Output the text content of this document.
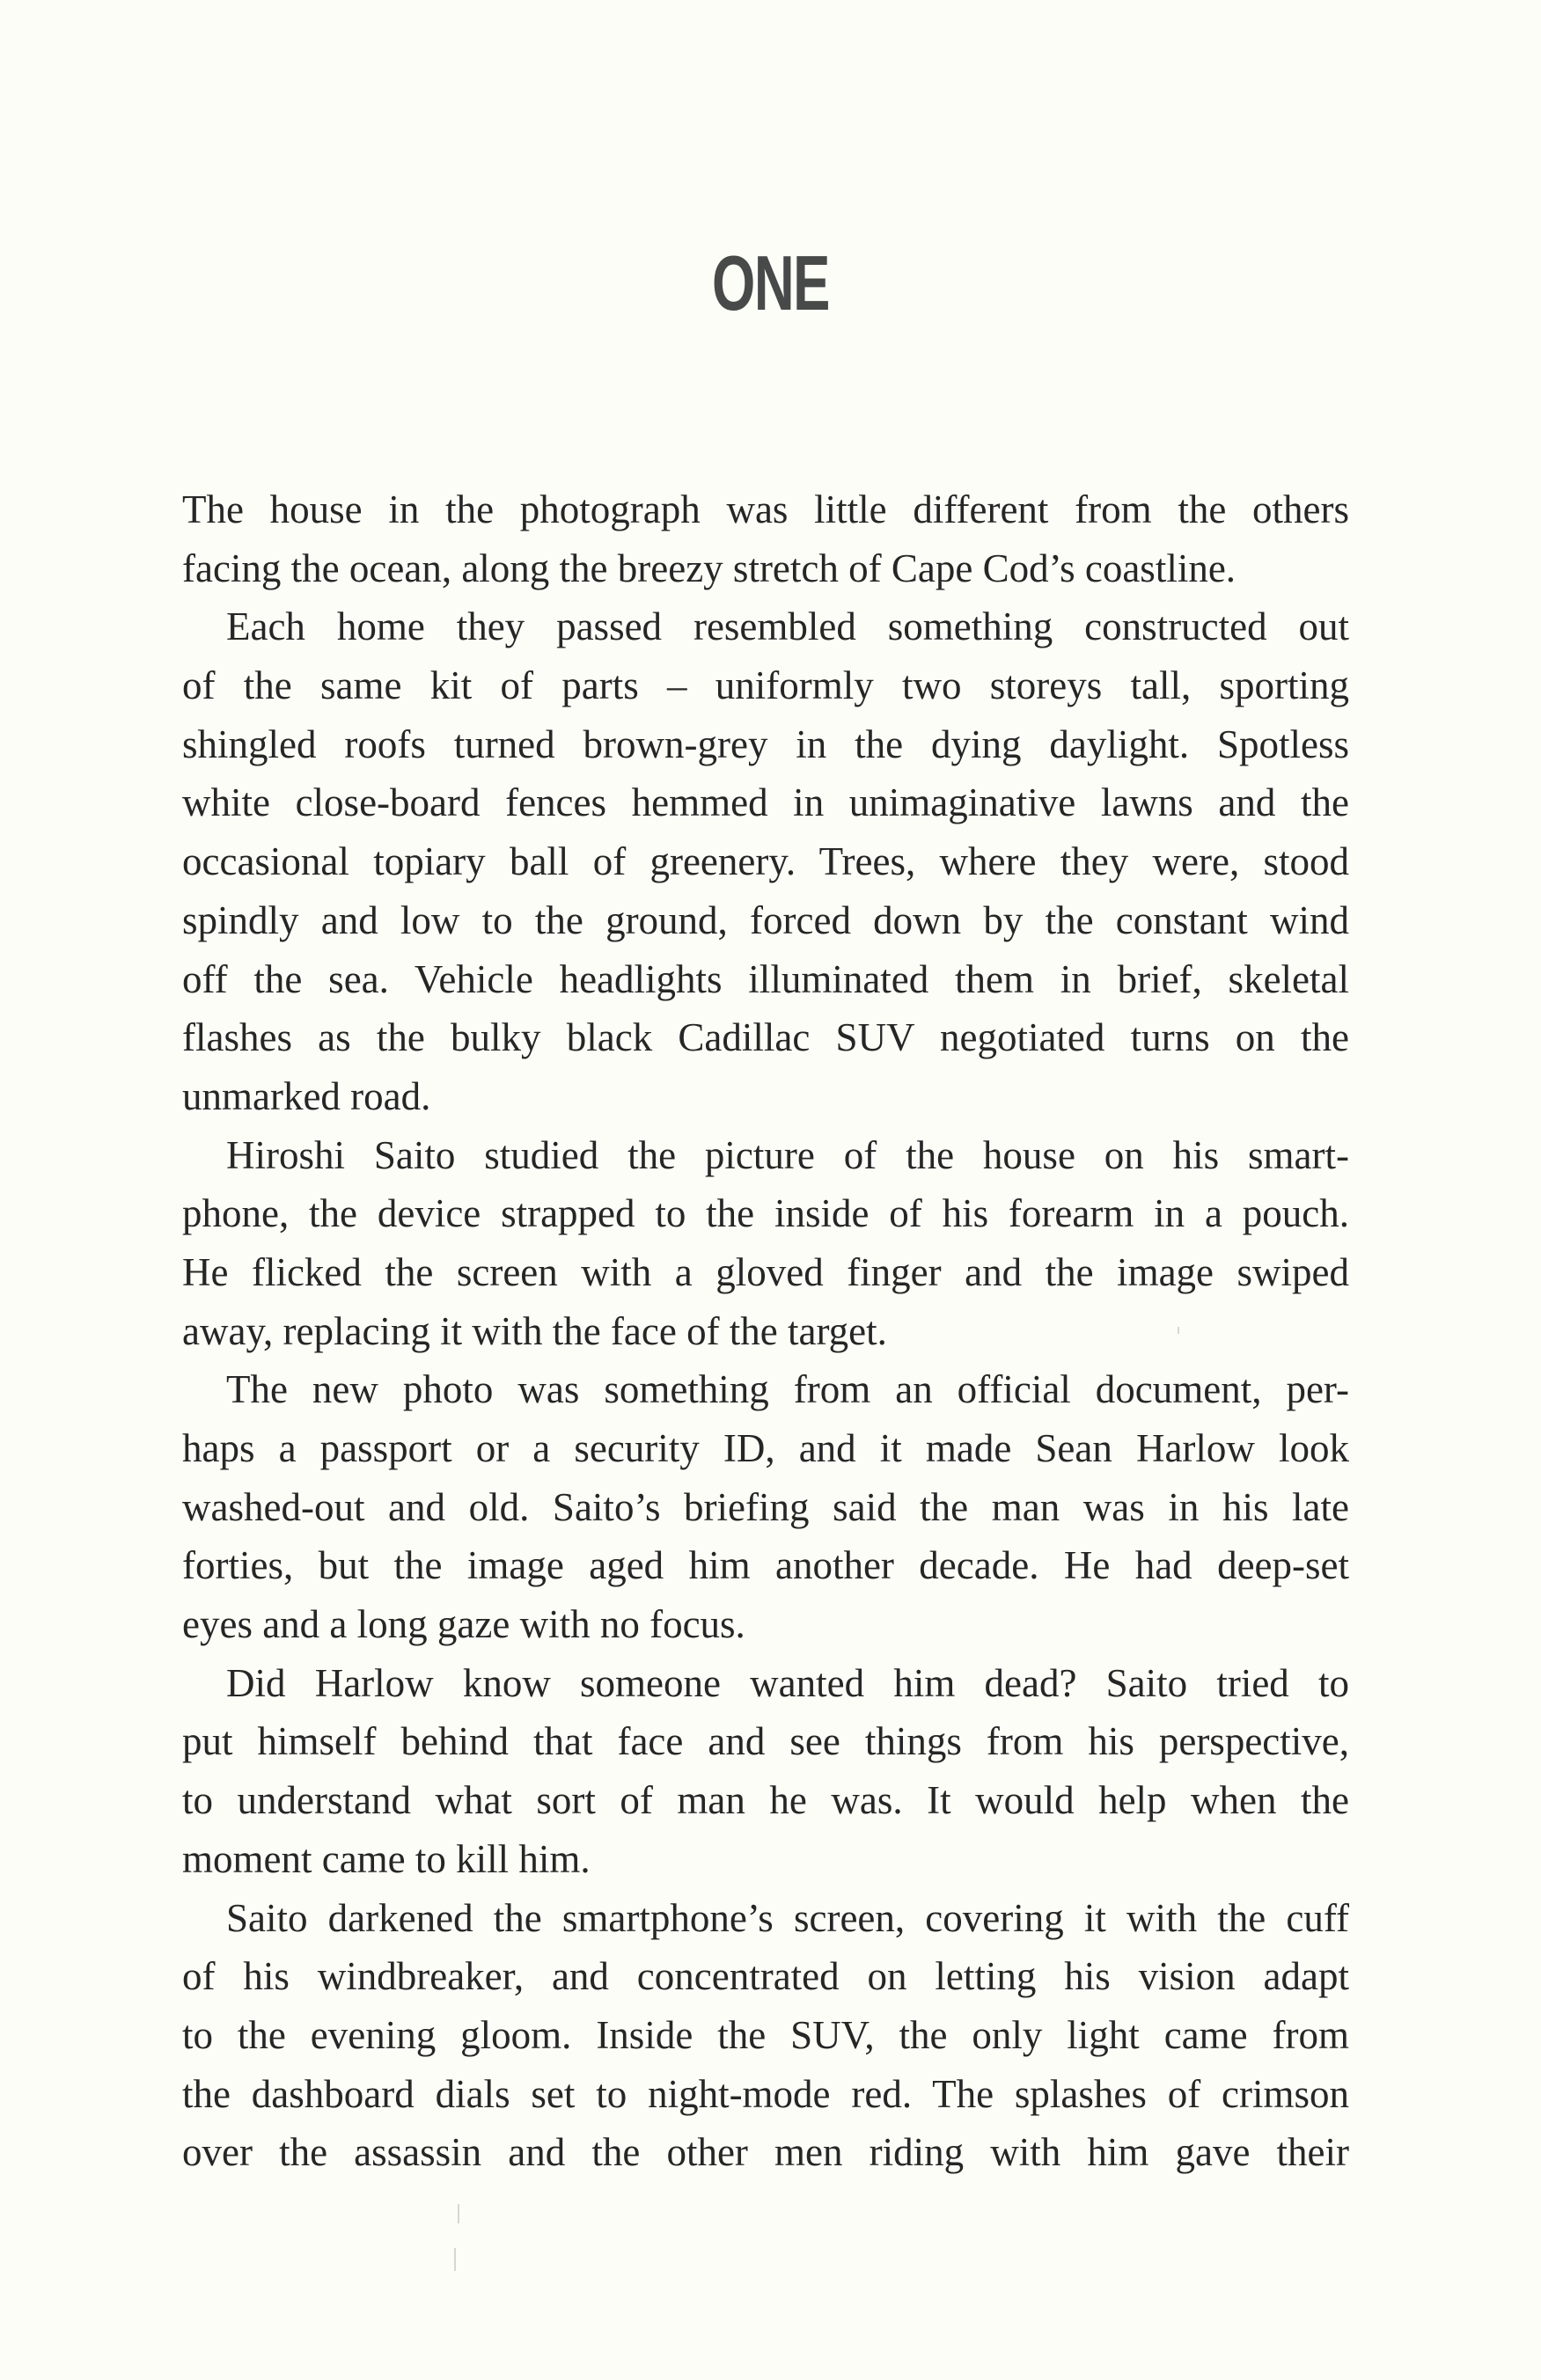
ONE
The house in the photograph was little different from the others
facing the ocean, along the breezy stretch of Cape Cod’s coastline.
Each home they passed resembled something constructed out
of the same kit of parts – uniformly two storeys tall, sporting
shingled roofs turned brown-grey in the dying daylight. Spotless
white close-board fences hemmed in unimaginative lawns and the
occasional topiary ball of greenery. Trees, where they were, stood
spindly and low to the ground, forced down by the constant wind
off the sea. Vehicle headlights illuminated them in brief, skeletal
flashes as the bulky black Cadillac SUV negotiated turns on the
unmarked road.
Hiroshi Saito studied the picture of the house on his smart-
phone, the device strapped to the inside of his forearm in a pouch.
He flicked the screen with a gloved finger and the image swiped
away, replacing it with the face of the target.
The new photo was something from an official document, per-
haps a passport or a security ID, and it made Sean Harlow look
washed-out and old. Saito’s briefing said the man was in his late
forties, but the image aged him another decade. He had deep-set
eyes and a long gaze with no focus.
Did Harlow know someone wanted him dead? Saito tried to
put himself behind that face and see things from his perspective,
to understand what sort of man he was. It would help when the
moment came to kill him.
Saito darkened the smartphone’s screen, covering it with the cuff
of his windbreaker, and concentrated on letting his vision adapt
to the evening gloom. Inside the SUV, the only light came from
the dashboard dials set to night-mode red. The splashes of crimson
over the assassin and the other men riding with him gave their
